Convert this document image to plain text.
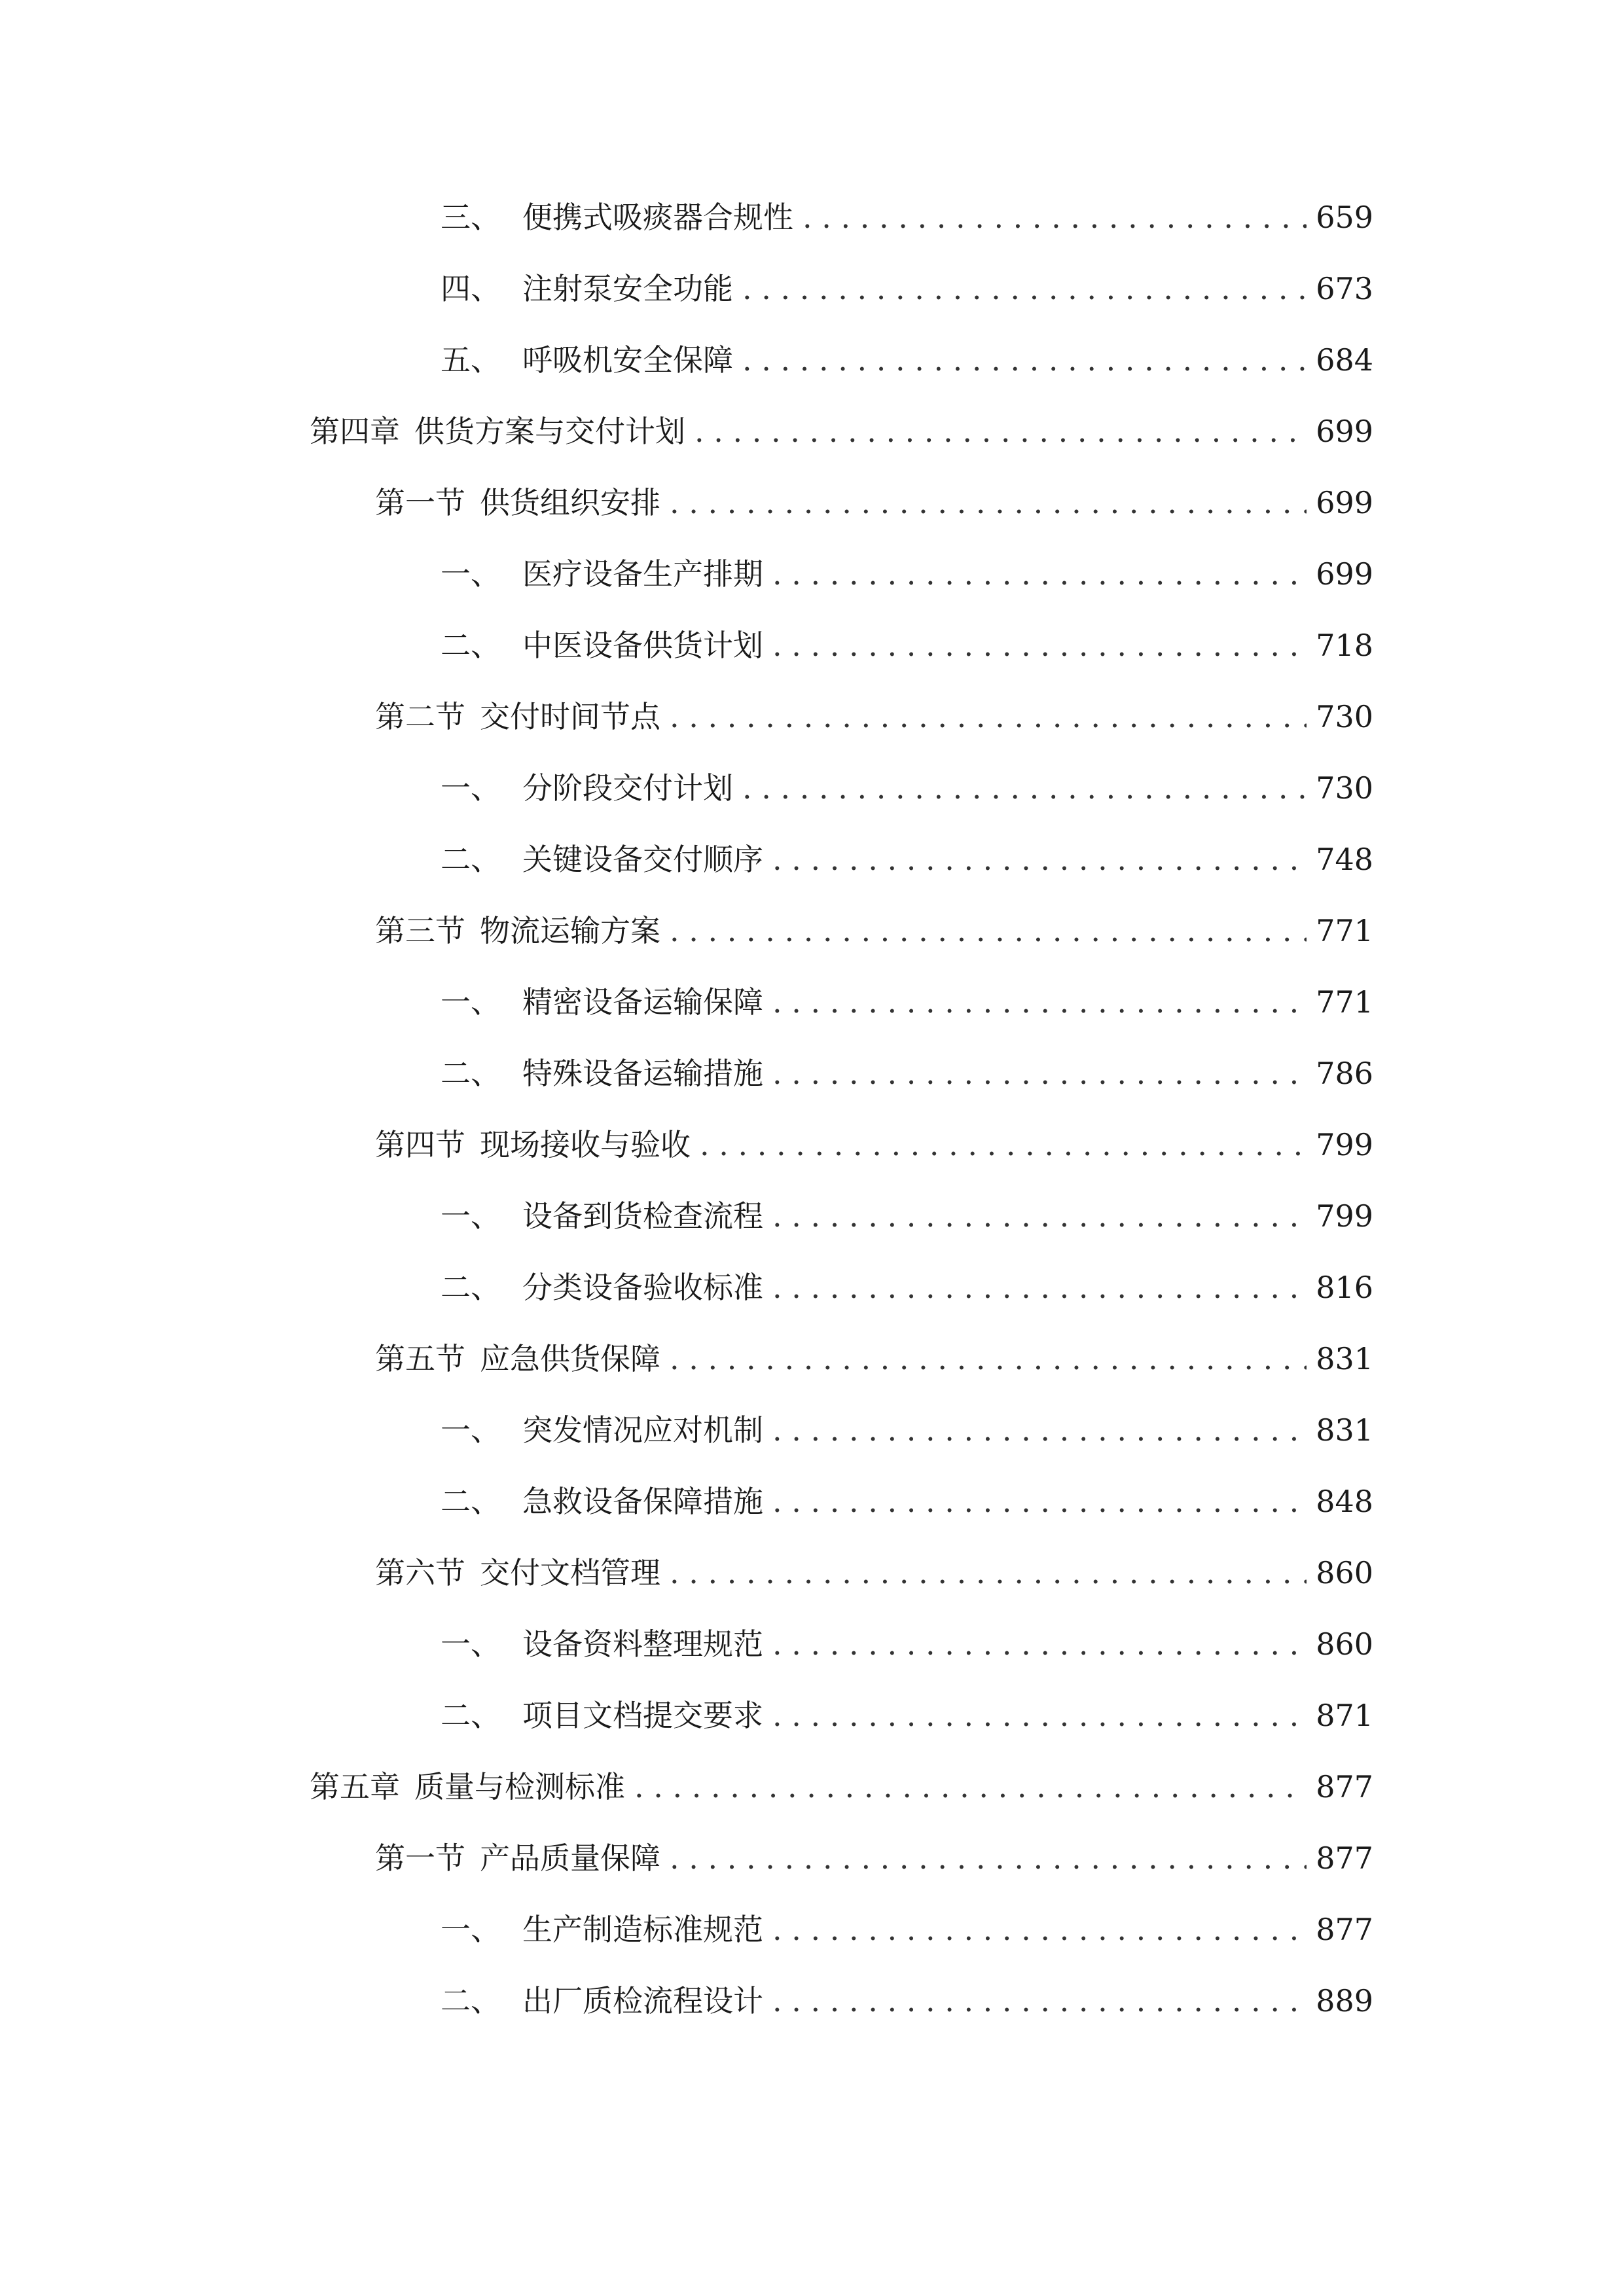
三、 便携式吸痰器合规性 . . .	659
四、 注射泵安全功能 . . .	673
五、 呼吸机安全保障 . . .	684
第四章 供货方案与交付计划 . . .	699
第一节 供货组织安排 . . .	699
一、 医疗设备生产排期 . . .	699
二、 中医设备供货计划 . . .	718
第二节 交付时间节点 . . .	730
一、 分阶段交付计划 . . .	730
二、 关键设备交付顺序 . . .	748
第三节 物流运输方案 . . .	771
一、 精密设备运输保障 . . .	771
二、 特殊设备运输措施 . . .	786
第四节 现场接收与验收 . . .	799
一、 设备到货检查流程 . . .	799
二、 分类设备验收标准 . . .	816
第五节 应急供货保障 . . .	831
一、 突发情况应对机制 . . .	831
二、 急救设备保障措施 . . .	848
第六节 交付文档管理 . . .	860
一、 设备资料整理规范 . . .	860
二、 项目文档提交要求 . . .	871
第五章 质量与检测标准 . . .	877
第一节 产品质量保障 . . .	877
一、 生产制造标准规范 . . .	877
二、 出厂质检流程设计 . . .	889
